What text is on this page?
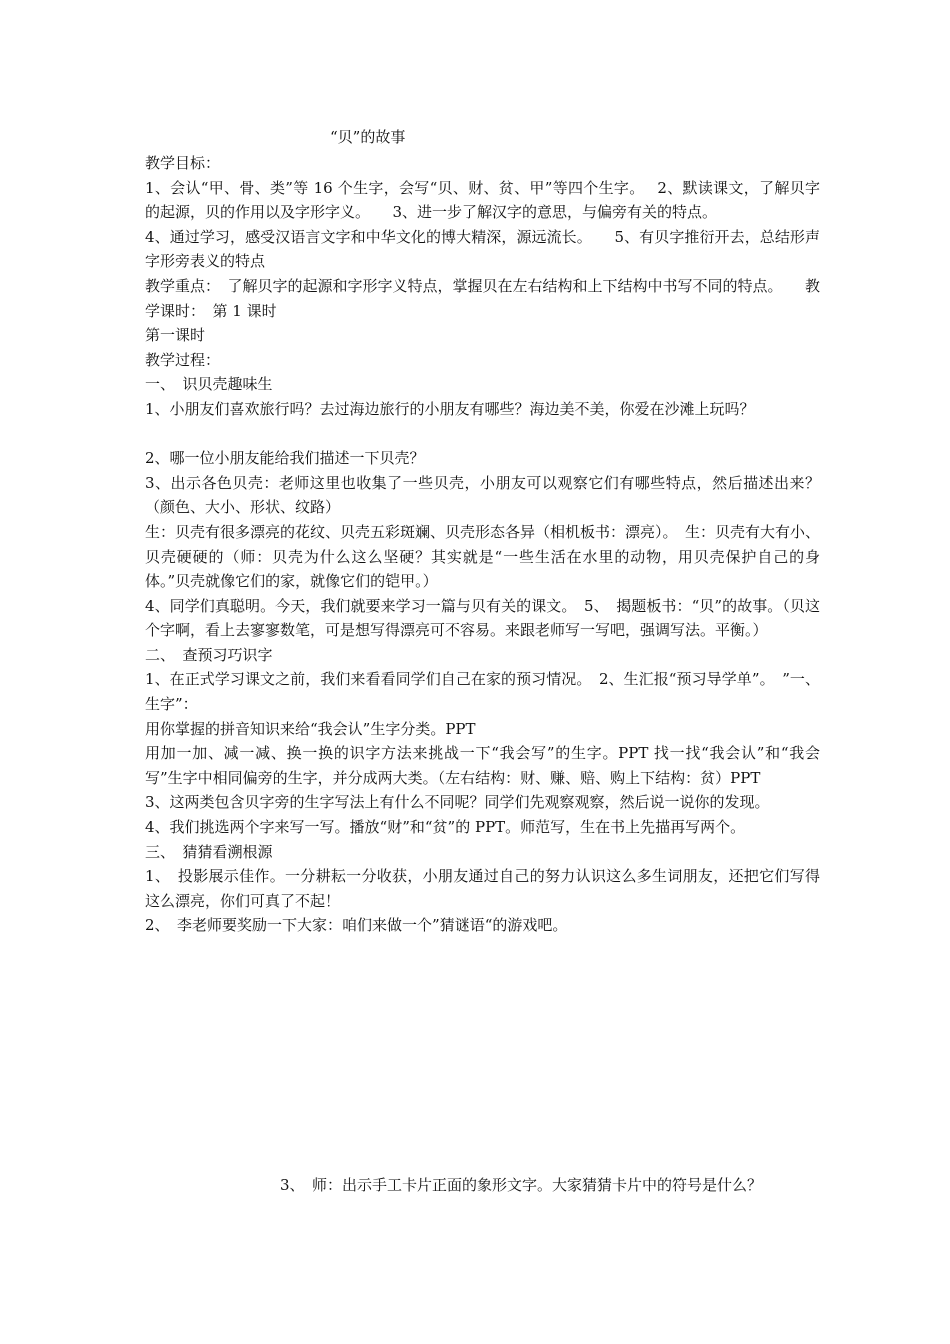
“贝”的故事

教学目标：

1、会认“甲、骨、类”等 16 个生字，会写“贝、财、贫、甲”等四个生字。　 2、默读课文，了解贝字的起源，贝的作用以及字形字义。　　3、进一步了解汉字的意思，与偏旁有关的特点。

4、通过学习，感受汉语言文字和中华文化的博大精深，源远流长。　　5、有贝字推衍开去，总结形声字形旁表义的特点

教学重点：　了解贝字的起源和字形字义特点，掌握贝在左右结构和上下结构中书写不同的特点。　　教学课时：　第 1 课时

第一课时

教学过程：

一、　识贝壳趣味生

1、小朋友们喜欢旅行吗？去过海边旅行的小朋友有哪些？海边美不美，你爱在沙滩上玩吗？

2、哪一位小朋友能给我们描述一下贝壳？

3、出示各色贝壳：老师这里也收集了一些贝壳，小朋友可以观察它们有哪些特点，然后描述出来？（颜色、大小、形状、纹路）

生：贝壳有很多漂亮的花纹、贝壳五彩斑斓、贝壳形态各异（相机板书：漂亮）。　生：贝壳有大有小、贝壳硬硬的（师：贝壳为什么这么坚硬？其实就是“一些生活在水里的动物，用贝壳保护自己的身体。”贝壳就像它们的家，就像它们的铠甲。）

4、同学们真聪明。今天，我们就要来学习一篇与贝有关的课文。　5、　揭题板书：“贝”的故事。（贝这个字啊，看上去寥寥数笔，可是想写得漂亮可不容易。来跟老师写一写吧，强调写法。平衡。）

二、　查预习巧识字

1、在正式学习课文之前，我们来看看同学们自己在家的预习情况。　2、生汇报“预习导学单”。　”一、生字”：

用你掌握的拼音知识来给“我会认”生字分类。PPT

用加一加、减一减、换一换的识字方法来挑战一下“我会写”的生字。PPT 找一找“我会认”和“我会写”生字中相同偏旁的生字，并分成两大类。（左右结构：财、赚、赔、购上下结构：贫）PPT

3、这两类包含贝字旁的生字写法上有什么不同呢？同学们先观察观察，然后说一说你的发现。

4、我们挑选两个字来写一写。播放“财”和“贫”的 PPT。师范写，生在书上先描再写两个。

三、　猜猜看溯根源

1、　投影展示佳作。一分耕耘一分收获，小朋友通过自己的努力认识这么多生词朋友，还把它们写得这么漂亮，你们可真了不起！

2、　李老师要奖励一下大家：咱们来做一个”猜谜语“的游戏吧。

3、　师：出示手工卡片正面的象形文字。大家猜猜卡片中的符号是什么？
